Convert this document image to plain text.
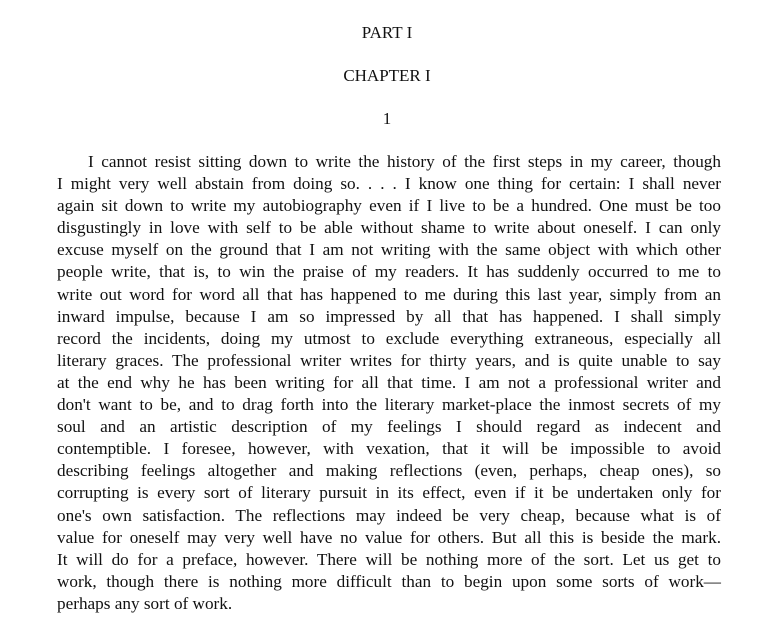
PART I
CHAPTER I
1

I cannot resist sitting down to write the history of the first steps in my career, though
I might very well abstain from doing so. . . . I know one thing for certain: I shall never
again sit down to write my autobiography even if I live to be a hundred. One must be too
disgustingly in love with self to be able without shame to write about oneself. I can only
excuse myself on the ground that I am not writing with the same object with which other
people write, that is, to win the praise of my readers. It has suddenly occurred to me to
write out word for word all that has happened to me during this last year, simply from an
inward impulse, because I am so impressed by all that has happened. I shall simply
record the incidents, doing my utmost to exclude everything extraneous, especially all
literary graces. The professional writer writes for thirty years, and is quite unable to say
at the end why he has been writing for all that time. I am not a professional writer and
don't want to be, and to drag forth into the literary market-place the inmost secrets of my
soul and an artistic description of my feelings I should regard as indecent and
contemptible. I foresee, however, with vexation, that it will be impossible to avoid
describing feelings altogether and making reflections (even, perhaps, cheap ones), so
corrupting is every sort of literary pursuit in its effect, even if it be undertaken only for
one's own satisfaction. The reflections may indeed be very cheap, because what is of
value for oneself may very well have no value for others. But all this is beside the mark.
It will do for a preface, however. There will be nothing more of the sort. Let us get to
work, though there is nothing more difficult than to begin upon some sorts of work—
perhaps any sort of work.
